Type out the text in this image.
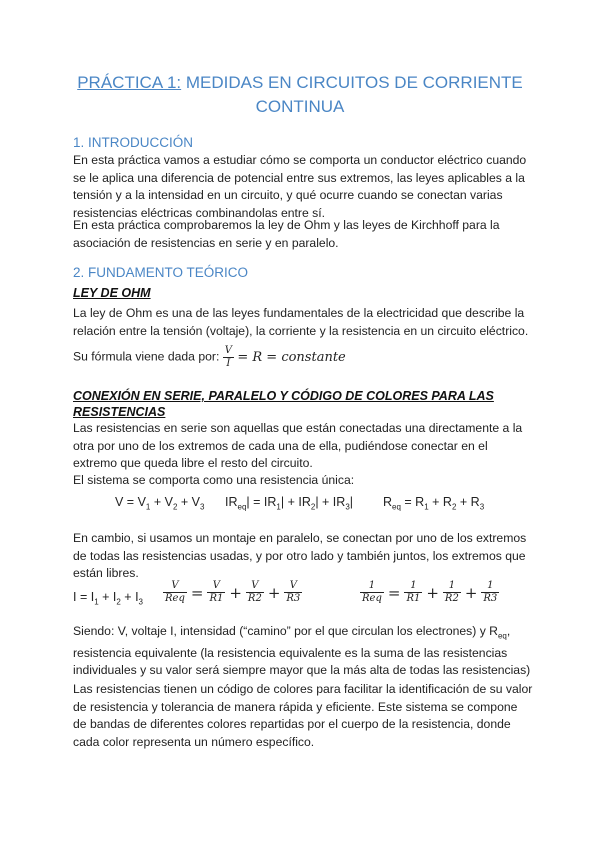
PRÁCTICA 1: MEDIDAS EN CIRCUITOS DE CORRIENTE
CONTINUA
1. INTRODUCCIÓN
En esta práctica vamos a estudiar cómo se comporta un conductor eléctrico cuando se le aplica una diferencia de potencial entre sus extremos, las leyes aplicables a la tensión y a la intensidad en un circuito, y qué ocurre cuando se conectan varias resistencias eléctricas combinandolas entre sí.
En esta práctica comprobaremos la ley de Ohm y las leyes de Kirchhoff para la asociación de resistencias en serie y en paralelo.
2. FUNDAMENTO TEÓRICO
LEY DE OHM
La ley de Ohm es una de las leyes fundamentales de la electricidad que describe la relación entre la tensión (voltaje), la corriente y la resistencia en un circuito eléctrico.
Su fórmula viene dada por: $\frac{V}{I} = R$ = constante
CONEXIÓN EN SERIE, PARALELO Y CÓDIGO DE COLORES PARA LAS RESISTENCIAS
Las resistencias en serie son aquellas que están conectadas una directamente a la otra por uno de los extremos de cada una de ella, pudiéndose conectar en el extremo que queda libre el resto del circuito.
El sistema se comporta como una resistencia única:
$V = V_1 + V_2 + V_3$ $IR_{eq}| = IR_1| + IR_2| + IR_3|$ $R_{eq} = R_1 + R_2 + R_3$
En cambio, si usamos un montaje en paralelo, se conectan por uno de los extremos de todas las resistencias usadas, y por otro lado y también juntos, los extremos que están libres.
$I = I_1 + I_2 + I_3 \frac{V}{\text{Req}} = \frac{V}{R1} + \frac{V}{R2} + \frac{V}{R3}$	$\frac{1}{\text{Req}} = \frac{1}{R1} + \frac{1}{R2} + \frac{1}{R3}$
Siendo: V, voltaje I, intensidad (“camino” por el que circulan los electrones) y $R_{eq}$, resistencia equivalente (la resistencia equivalente es la suma de las resistencias individuales y su valor será siempre mayor que la más alta de todas las resistencias)
Las resistencias tienen un código de colores para facilitar la identificación de su valor de resistencia y tolerancia de manera rápida y eficiente. Este sistema se compone de bandas de diferentes colores repartidas por el cuerpo de la resistencia, donde cada color representa un número específico.
